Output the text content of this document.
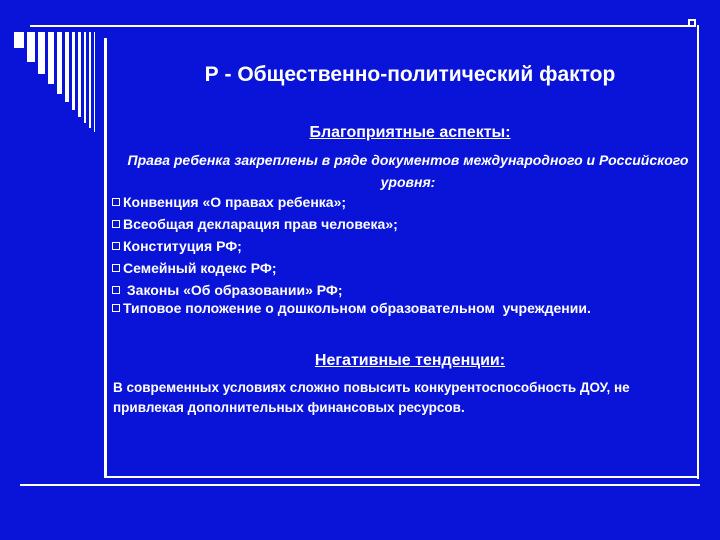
Р - Общественно-политический фактор
Благоприятные аспекты:
Права ребенка закреплены в ряде документов международного и Российского уровня:
Конвенция «О правах ребенка»;
Всеобщая декларация прав человека»;
Конституция РФ;
Семейный кодекс РФ;
Законы «Об образовании» РФ;
Типовое положение о дошкольном образовательном  учреждении.
Негативные тенденции:
В современных условиях сложно повысить конкурентоспособность ДОУ, не привлекая дополнительных финансовых ресурсов.
